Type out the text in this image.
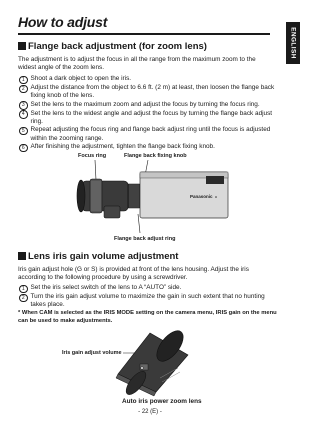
How to adjust
ENGLISH
Flange back adjustment (for zoom lens)
The adjustment is to adjust the focus in all the range from the maximum zoom to the widest angle of the zoom lens.
1 Shoot a dark object to open the iris.
2 Adjust the distance from the object to 6.6 ft. (2 m) at least, then loosen the flange back fixing knob of the lens.
3 Set the lens to the maximum zoom and adjust the focus by turning the focus ring.
4 Set the lens to the widest angle and adjust the focus by turning the flange back adjust ring.
5 Repeat adjusting the focus ring and flange back adjust ring until the focus is adjusted within the zooming range.
6 After finishing the adjustment, tighten the flange back fixing knob.
Focus ring	Flange back fixing knob
Flange back adjust ring
Panasonic
Lens iris gain volume adjustment
Iris gain adjust hole (G or S) is provided at front of the lens housing. Adjust the iris according to the following procedure by using a screwdriver.
1 Set the iris select switch of the lens to A “AUTO” side.
2 Turn the iris gain adjust volume to maximize the gain in such extent that no hunting takes place.
* When CAM is selected as the IRIS MODE setting on the camera menu, IRIS gain on the menu can be used to make adjustments.
Iris gain adjust volume
Auto iris power zoom lens
- 22 (E) -
